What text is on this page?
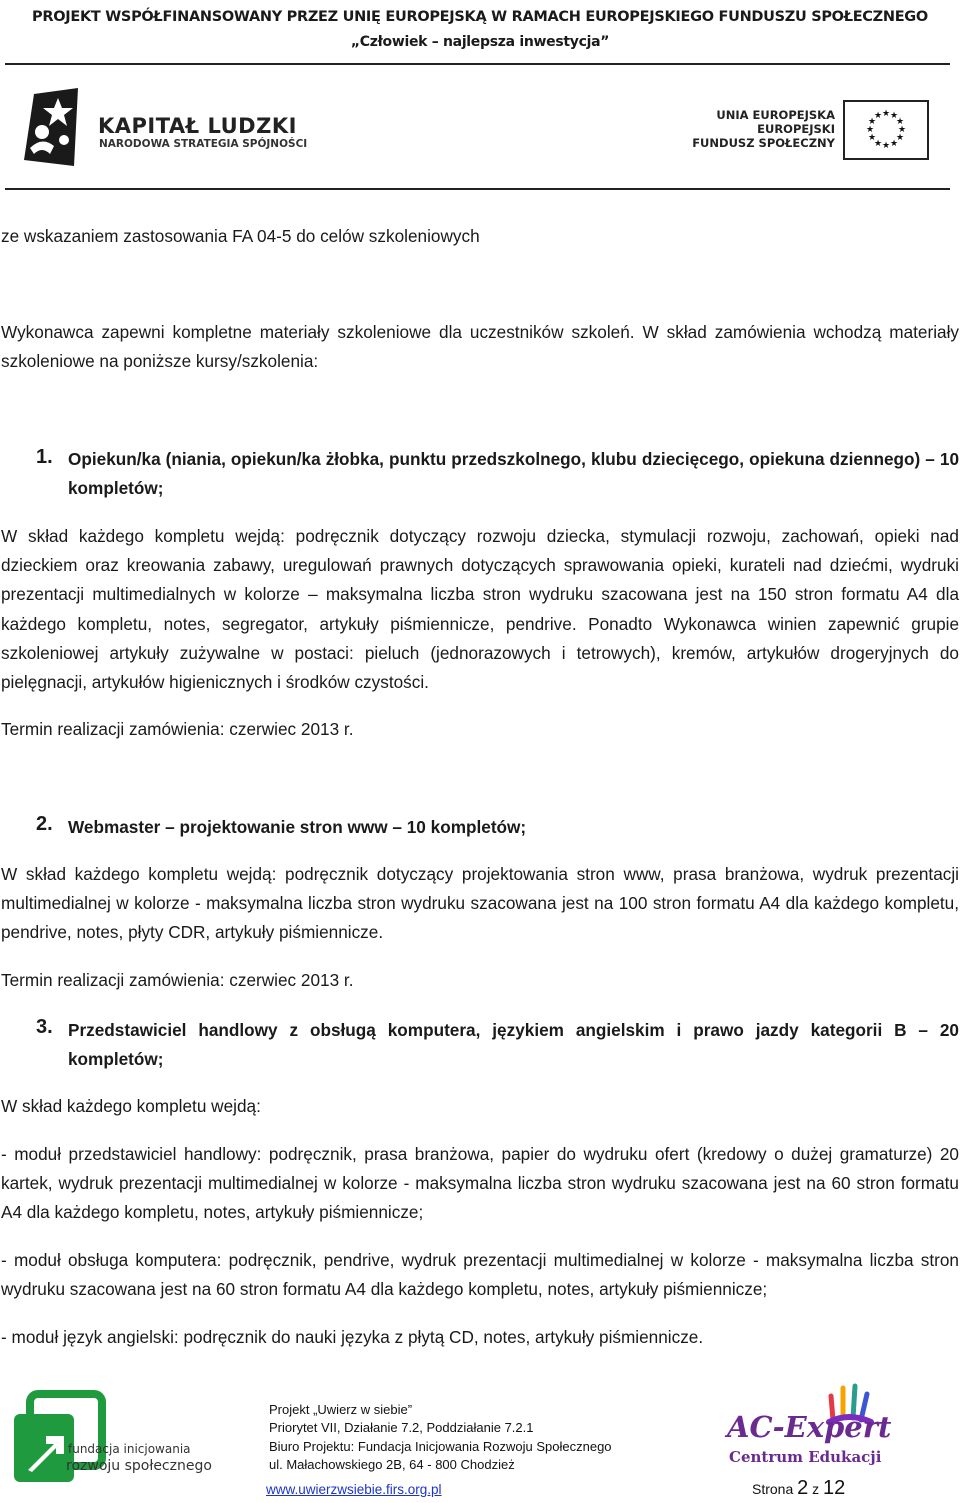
PROJEKT WSPÓŁFINANSOWANY PRZEZ UNIĘ EUROPEJSKĄ W RAMACH EUROPEJSKIEGO FUNDUSZU SPOŁECZNEGO
„Człowiek – najlepsza inwestycja”
KAPITAŁ LUDZKI
NARODOWA STRATEGIA SPÓJNOŚCI
UNIA EUROPEJSKA
EUROPEJSKI
FUNDUSZ SPOŁECZNY
★ ★
★
★
★
★
★
★
★
★
★
★
ze wskazaniem zastosowania FA 04-5 do celów szkoleniowych
Wykonawca zapewni kompletne materiały szkoleniowe dla uczestników szkoleń. W skład zamówienia wchodzą materiały szkoleniowe na poniższe kursy/szkolenia:
1. Opiekun/ka (niania, opiekun/ka żłobka, punktu przedszkolnego, klubu dziecięcego, opiekuna dziennego) – 10 kompletów;
W skład każdego kompletu wejdą: podręcznik dotyczący rozwoju dziecka, stymulacji rozwoju, zachowań, opieki nad dzieckiem oraz kreowania zabawy, uregulowań prawnych dotyczących sprawowania opieki, kurateli nad dziećmi, wydruki prezentacji multimedialnych w kolorze – maksymalna liczba stron wydruku szacowana jest na 150 stron formatu A4 dla każdego kompletu, notes, segregator, artykuły piśmiennicze, pendrive. Ponadto Wykonawca winien zapewnić grupie szkoleniowej artykuły zużywalne w postaci: pieluch (jednorazowych i tetrowych), kremów, artykułów drogeryjnych do pielęgnacji, artykułów higienicznych i środków czystości.
Termin realizacji zamówienia: czerwiec 2013 r.
2. Webmaster – projektowanie stron www – 10 kompletów;
W skład każdego kompletu wejdą: podręcznik dotyczący projektowania stron www, prasa branżowa, wydruk prezentacji multimedialnej w kolorze - maksymalna liczba stron wydruku szacowana jest na 100 stron formatu A4 dla każdego kompletu, pendrive, notes, płyty CDR, artykuły piśmiennicze.
Termin realizacji zamówienia: czerwiec 2013 r.
3. Przedstawiciel handlowy z obsługą komputera, językiem angielskim i prawo jazdy kategorii B – 20 kompletów;
W skład każdego kompletu wejdą:
- moduł przedstawiciel handlowy: podręcznik, prasa branżowa, papier do wydruku ofert (kredowy o dużej gramaturze) 20 kartek, wydruk prezentacji multimedialnej w kolorze - maksymalna liczba stron wydruku szacowana jest na 60 stron formatu A4 dla każdego kompletu, notes, artykuły piśmiennicze;
- moduł obsługa komputera: podręcznik, pendrive, wydruk prezentacji multimedialnej w kolorze - maksymalna liczba stron wydruku szacowana jest na 60 stron formatu A4 dla każdego kompletu, notes, artykuły piśmiennicze;
- moduł język angielski: podręcznik do nauki języka z płytą CD, notes, artykuły piśmiennicze.
fundacja inicjowania
rozwoju społecznego
Projekt „Uwierz w siebie”
Priorytet VII, Działanie 7.2, Poddziałanie 7.2.1
Biuro Projektu: Fundacja Inicjowania Rozwoju Społecznego
ul. Małachowskiego 2B, 64 - 800 Chodzież
www.uwierzwsiebie.firs.org.pl
AC-Expert
Centrum Edukacji
Strona 2 z 12
